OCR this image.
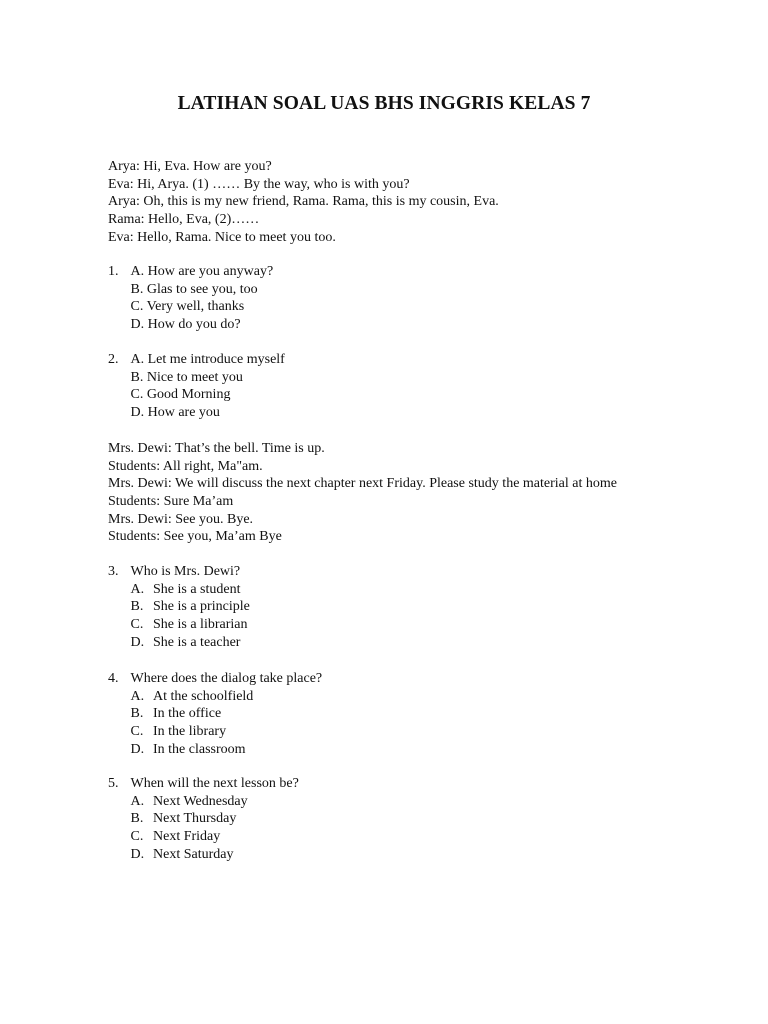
LATIHAN SOAL UAS BHS INGGRIS KELAS 7
Arya: Hi, Eva. How are you?
Eva: Hi, Arya. (1) …… By the way, who is with you?
Arya: Oh, this is my new friend, Rama. Rama, this is my cousin, Eva.
Rama: Hello, Eva, (2)……
Eva: Hello, Rama. Nice to meet you too.
1. A. How are you anyway?
B. Glas to see you, too
C. Very well, thanks
D. How do you do?
2. A. Let me introduce myself
B. Nice to meet you
C. Good Morning
D. How are you
Mrs. Dewi: That’s the bell. Time is up.
Students: All right, Ma"am.
Mrs. Dewi: We will discuss the next chapter next Friday. Please study the material at home
Students: Sure Ma’am
Mrs. Dewi: See you. Bye.
Students: See you, Ma’am Bye
3. Who is Mrs. Dewi?
A. She is a student
B. She is a principle
C. She is a librarian
D. She is a teacher
4. Where does the dialog take place?
A. At the schoolfield
B. In the office
C. In the library
D. In the classroom
5. When will the next lesson be?
A. Next Wednesday
B. Next Thursday
C. Next Friday
D. Next Saturday
